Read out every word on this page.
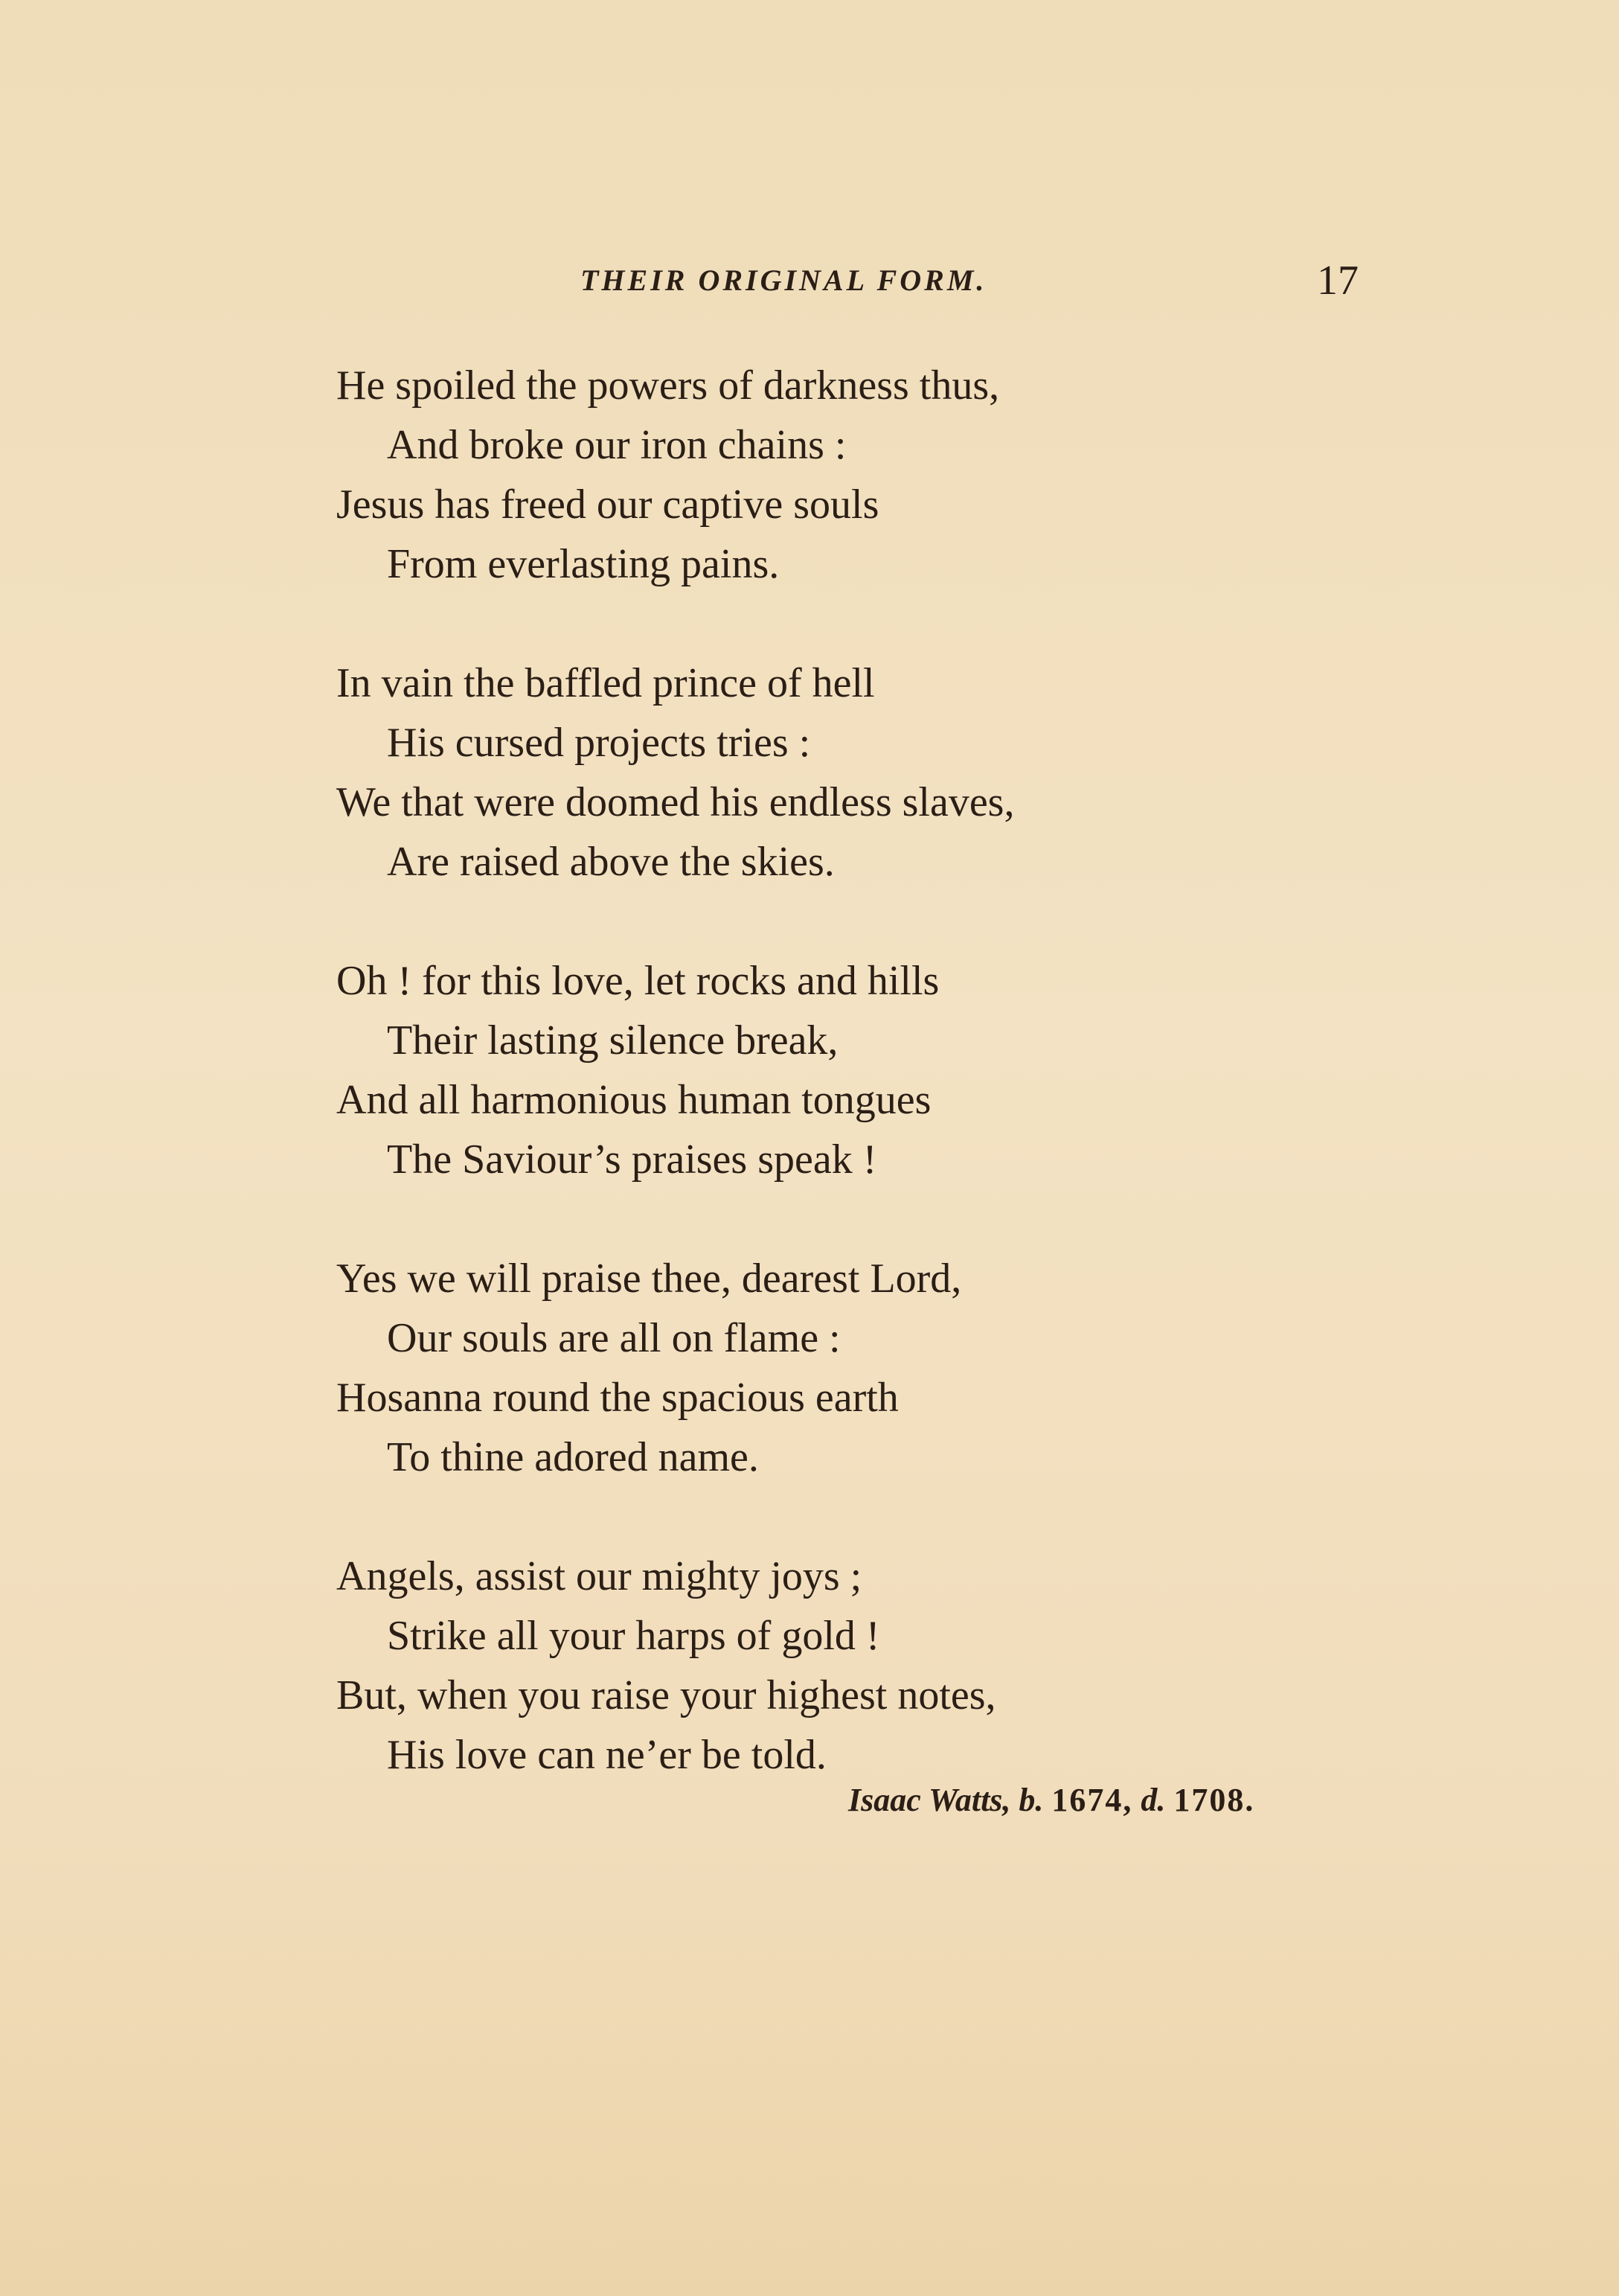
THEIR ORIGINAL FORM.	17
He spoiled the powers of darkness thus,
And broke our iron chains :
Jesus has freed our captive souls
From everlasting pains.
In vain the baffled prince of hell
His cursed projects tries :
We that were doomed his endless slaves,
Are raised above the skies.
Oh ! for this love, let rocks and hills
Their lasting silence break,
And all harmonious human tongues
The Saviour’s praises speak !
Yes we will praise thee, dearest Lord,
Our souls are all on flame :
Hosanna round the spacious earth
To thine adored name.
Angels, assist our mighty joys ;
Strike all your harps of gold !
But, when you raise your highest notes,
His love can ne’er be told.
Isaac Watts, b. 1674, d. 1708.
